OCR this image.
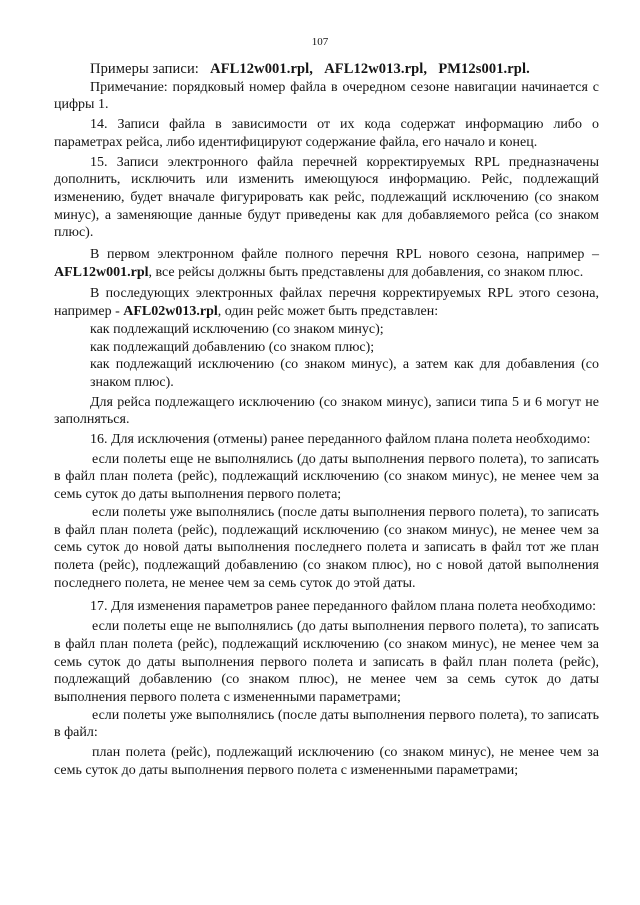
107

Примеры записи: AFL12w001.rpl, AFL12w013.rpl, PM12s001.rpl.

Примечание: порядковый номер файла в очередном сезоне навигации начинается с цифры 1.

14. Записи файла в зависимости от их кода содержат информацию либо о параметрах рейса, либо идентифицируют содержание файла, его начало и конец.

15. Записи электронного файла перечней корректируемых RPL предназначены дополнить, исключить или изменить имеющуюся информацию. Рейс, подлежащий изменению, будет вначале фигурировать как рейс, подлежащий исключению (со знаком минус), а заменяющие данные будут приведены как для добавляемого рейса (со знаком плюс).

В первом электронном файле полного перечня RPL нового сезона, например – AFL12w001.rpl, все рейсы должны быть представлены для добавления, со знаком плюс.

В последующих электронных файлах перечня корректируемых RPL этого сезона, например - AFL02w013.rpl, один рейс может быть представлен:

как подлежащий исключению (со знаком минус);

как подлежащий добавлению (со знаком плюс);

как подлежащий исключению (со знаком минус), а затем как для добавления (со знаком плюс).

Для рейса подлежащего исключению (со знаком минус), записи типа 5 и 6 могут не заполняться.

16. Для исключения (отмены) ранее переданного файлом плана полета необходимо:

если полеты еще не выполнялись (до даты выполнения первого полета), то записать в файл план полета (рейс), подлежащий исключению (со знаком минус), не менее чем за семь суток до даты выполнения первого полета;

если полеты уже выполнялись (после даты выполнения первого полета), то записать в файл план полета (рейс), подлежащий исключению (со знаком минус), не менее чем за семь суток до новой даты выполнения последнего полета и записать в файл тот же план полета (рейс), подлежащий добавлению (со знаком плюс), но с новой датой выполнения последнего полета, не менее чем за семь суток до этой даты.

17. Для изменения параметров ранее переданного файлом плана полета необходимо:

если полеты еще не выполнялись (до даты выполнения первого полета), то записать в файл план полета (рейс), подлежащий исключению (со знаком минус), не менее чем за семь суток до даты выполнения первого полета и записать в файл план полета (рейс), подлежащий добавлению (со знаком плюс), не менее чем за семь суток до даты выполнения первого полета с измененными параметрами;

если полеты уже выполнялись (после даты выполнения первого полета), то записать в файл:

план полета (рейс), подлежащий исключению (со знаком минус), не менее чем за семь суток до даты выполнения первого полета с измененными параметрами;
